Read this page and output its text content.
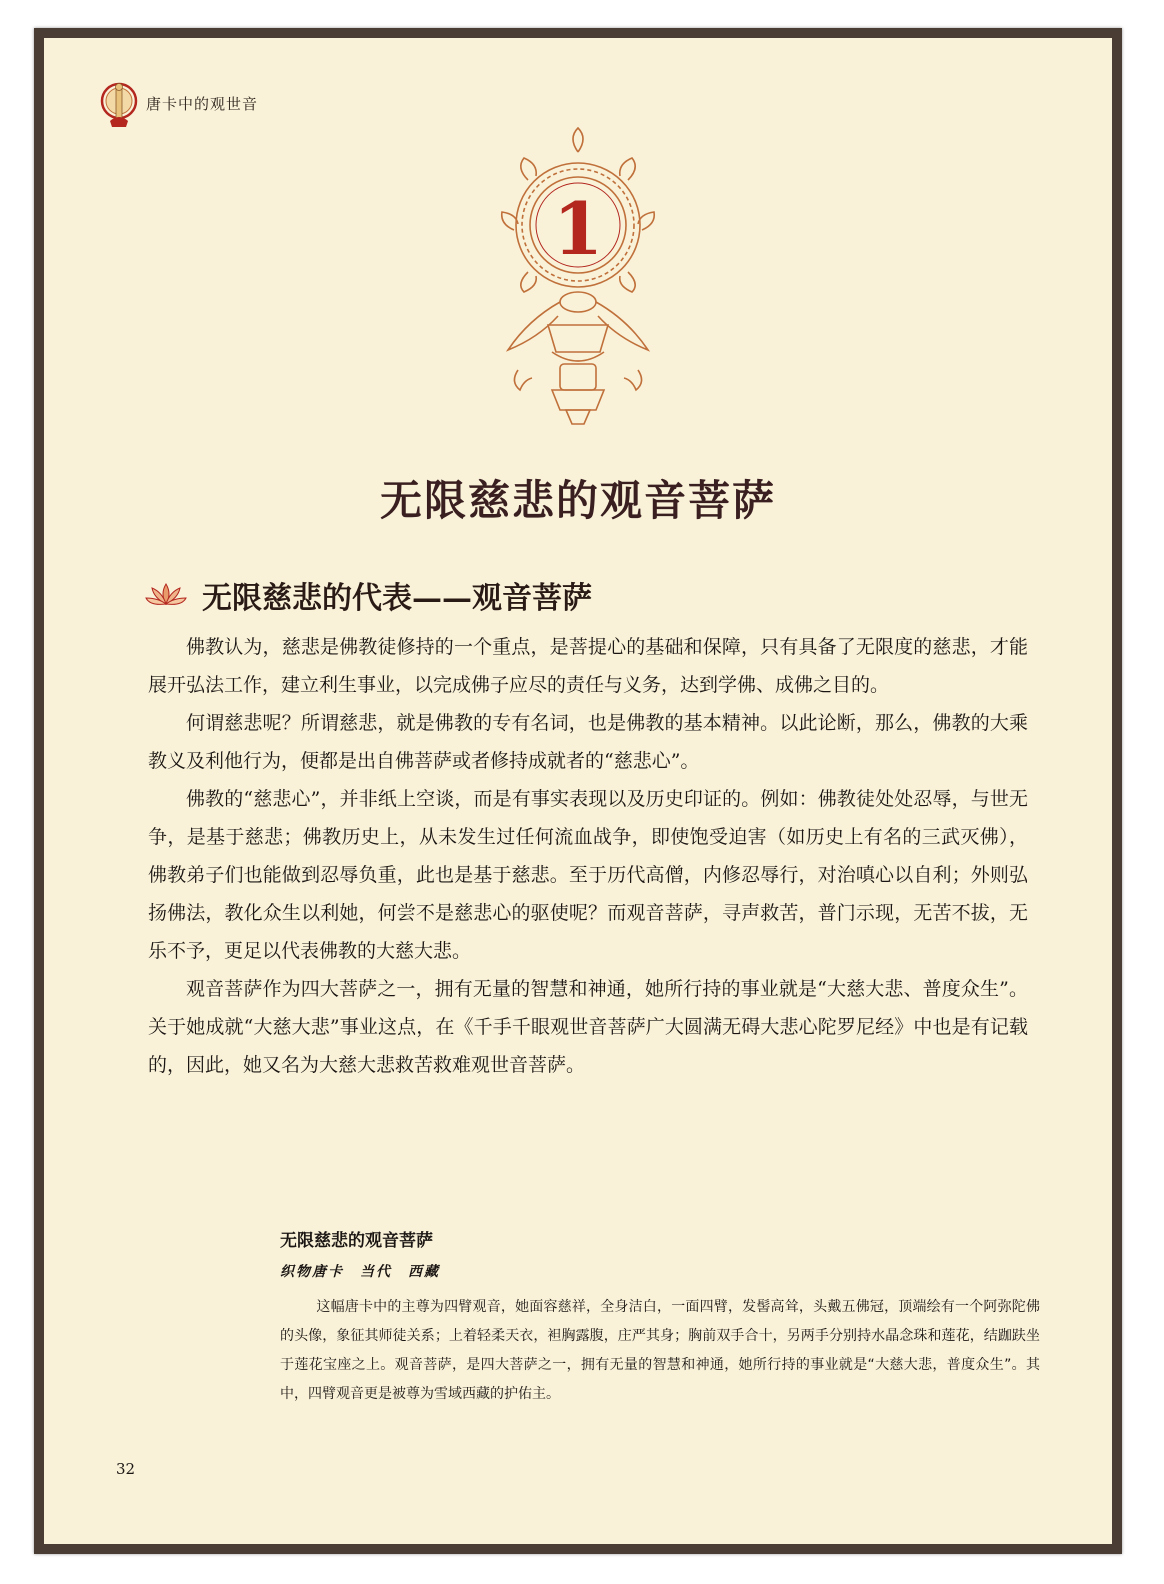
唐卡中的观世音
1
无限慈悲的观音菩萨
无限慈悲的代表——观音菩萨

佛教认为，慈悲是佛教徒修持的一个重点，是菩提心的基础和保障，只有具备了无限度的慈悲，才能展开弘法工作，建立利生事业，以完成佛子应尽的责任与义务，达到学佛、成佛之目的。

何谓慈悲呢？所谓慈悲，就是佛教的专有名词，也是佛教的基本精神。以此论断，那么，佛教的大乘教义及利他行为，便都是出自佛菩萨或者修持成就者的“慈悲心”。

佛教的“慈悲心”，并非纸上空谈，而是有事实表现以及历史印证的。例如：佛教徒处处忍辱，与世无争，是基于慈悲；佛教历史上，从未发生过任何流血战争，即使饱受迫害（如历史上有名的三武灭佛），佛教弟子们也能做到忍辱负重，此也是基于慈悲。至于历代高僧，内修忍辱行，对治嗔心以自利；外则弘扬佛法，教化众生以利她，何尝不是慈悲心的驱使呢？而观音菩萨，寻声救苦，普门示现，无苦不拔，无乐不予，更足以代表佛教的大慈大悲。

观音菩萨作为四大菩萨之一，拥有无量的智慧和神通，她所行持的事业就是“大慈大悲、普度众生”。关于她成就“大慈大悲”事业这点，在《千手千眼观世音菩萨广大圆满无碍大悲心陀罗尼经》中也是有记载的，因此，她又名为大慈大悲救苦救难观世音菩萨。

无限慈悲的观音菩萨
织物唐卡　当代　西藏
这幅唐卡中的主尊为四臂观音，她面容慈祥，全身洁白，一面四臂，发髻高耸，头戴五佛冠，顶端绘有一个阿弥陀佛的头像，象征其师徒关系；上着轻柔天衣，袒胸露腹，庄严其身；胸前双手合十，另两手分别持水晶念珠和莲花，结跏趺坐于莲花宝座之上。观音菩萨，是四大菩萨之一，拥有无量的智慧和神通，她所行持的事业就是“大慈大悲，普度众生”。其中，四臂观音更是被尊为雪域西藏的护佑主。
32
